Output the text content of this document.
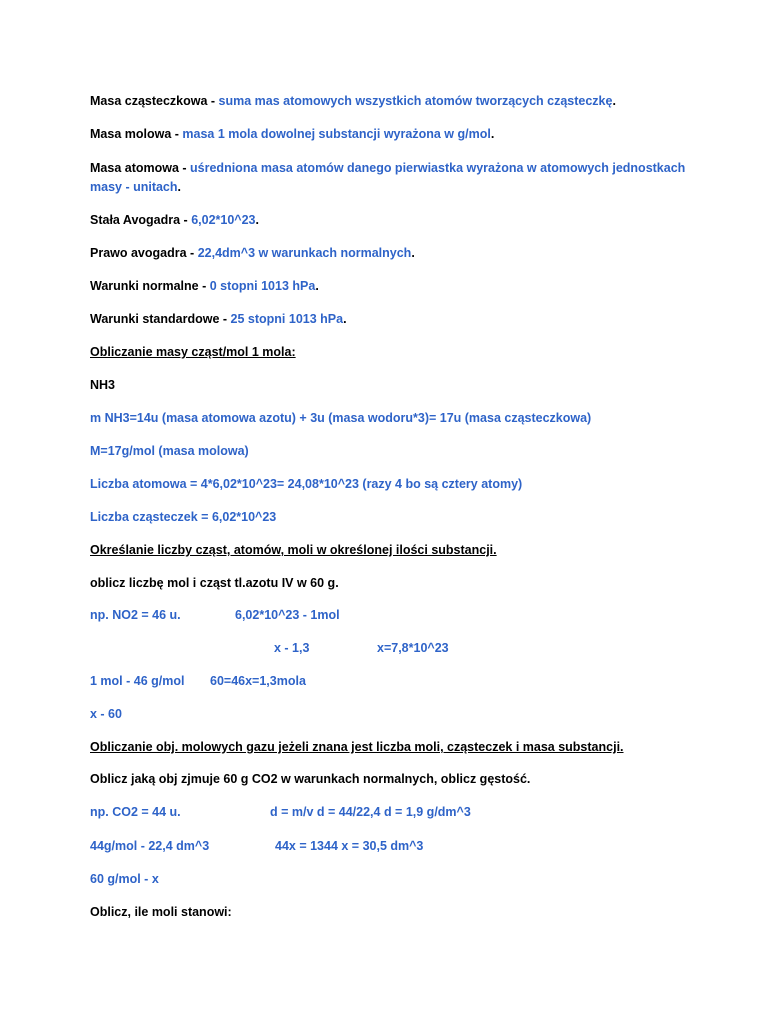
Masa cząsteczkowa - suma mas atomowych wszystkich atomów tworzących cząsteczkę.
Masa molowa - masa 1 mola dowolnej substancji wyrażona w g/mol.
Masa atomowa - uśredniona masa atomów danego pierwiastka wyrażona w atomowych jednostkach
masy - unitach.
Stała Avogadra - 6,02*10^23.
Prawo avogadra - 22,4dm^3 w warunkach normalnych.
Warunki normalne - 0 stopni 1013 hPa.
Warunki standardowe - 25 stopni 1013 hPa.
Obliczanie masy cząst/mol 1 mola:
NH3
m NH3=14u (masa atomowa azotu) + 3u (masa wodoru*3)= 17u (masa cząsteczkowa)
M=17g/mol (masa molowa)
Liczba atomowa = 4*6,02*10^23= 24,08*10^23 (razy 4 bo są cztery atomy)
Liczba cząsteczek = 6,02*10^23
Określanie liczby cząst, atomów, moli w określonej ilości substancji.
oblicz liczbę mol i cząst tl.azotu IV w 60 g.
np. NO2 = 46 u.	6,02*10^23 - 1mol
x - 1,3	x=7,8*10^23
1 mol - 46 g/mol 60=46x=1,3mola
x - 60
Obliczanie obj. molowych gazu jeżeli znana jest liczba moli, cząsteczek i masa substancji.
Oblicz jaką obj zjmuje 60 g CO2 w warunkach normalnych, oblicz gęstość.
np. CO2 = 44 u.	d = m/v d = 44/22,4 d = 1,9 g/dm^3
44g/mol - 22,4 dm^3	44x = 1344 x = 30,5 dm^3
60 g/mol - x
Oblicz, ile moli stanowi:
